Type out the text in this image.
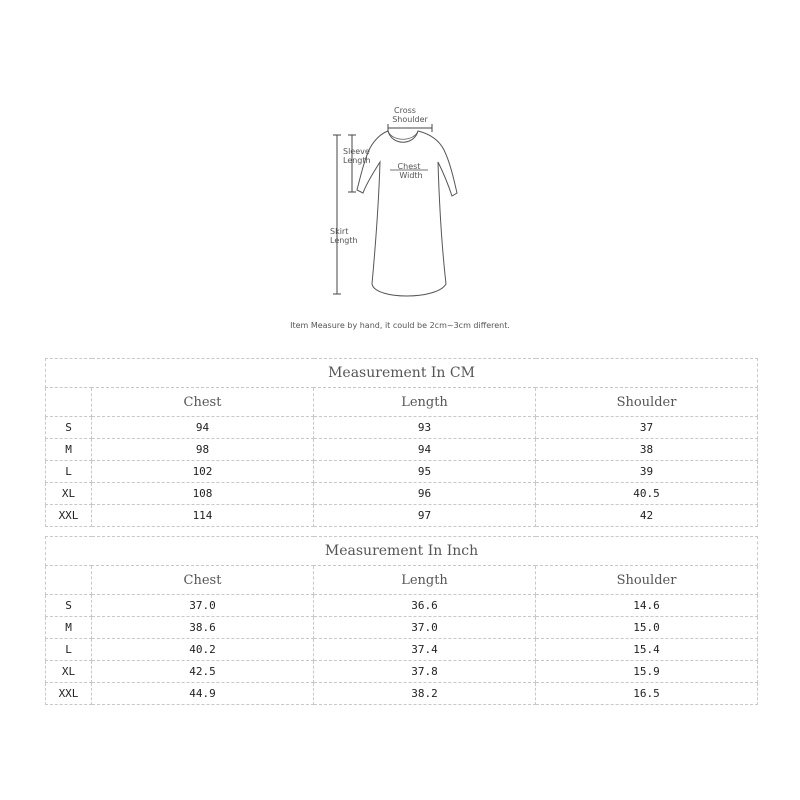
Cross
Shoulder
Sleeve
Length
Chest
Width
Skirt
Length
Item Measure by hand, it could be 2cm~3cm different.
Measurement In CM			
	Chest	Length	Shoulder
S	94	93	37
M	98	94	38
L	102	95	39
XL	108	96	40.5
XXL	114	97	42
Measurement In Inch			
	Chest	Length	Shoulder
S	37.0	36.6	14.6
M	38.6	37.0	15.0
L	40.2	37.4	15.4
XL	42.5	37.8	15.9
XXL	44.9	38.2	16.5
